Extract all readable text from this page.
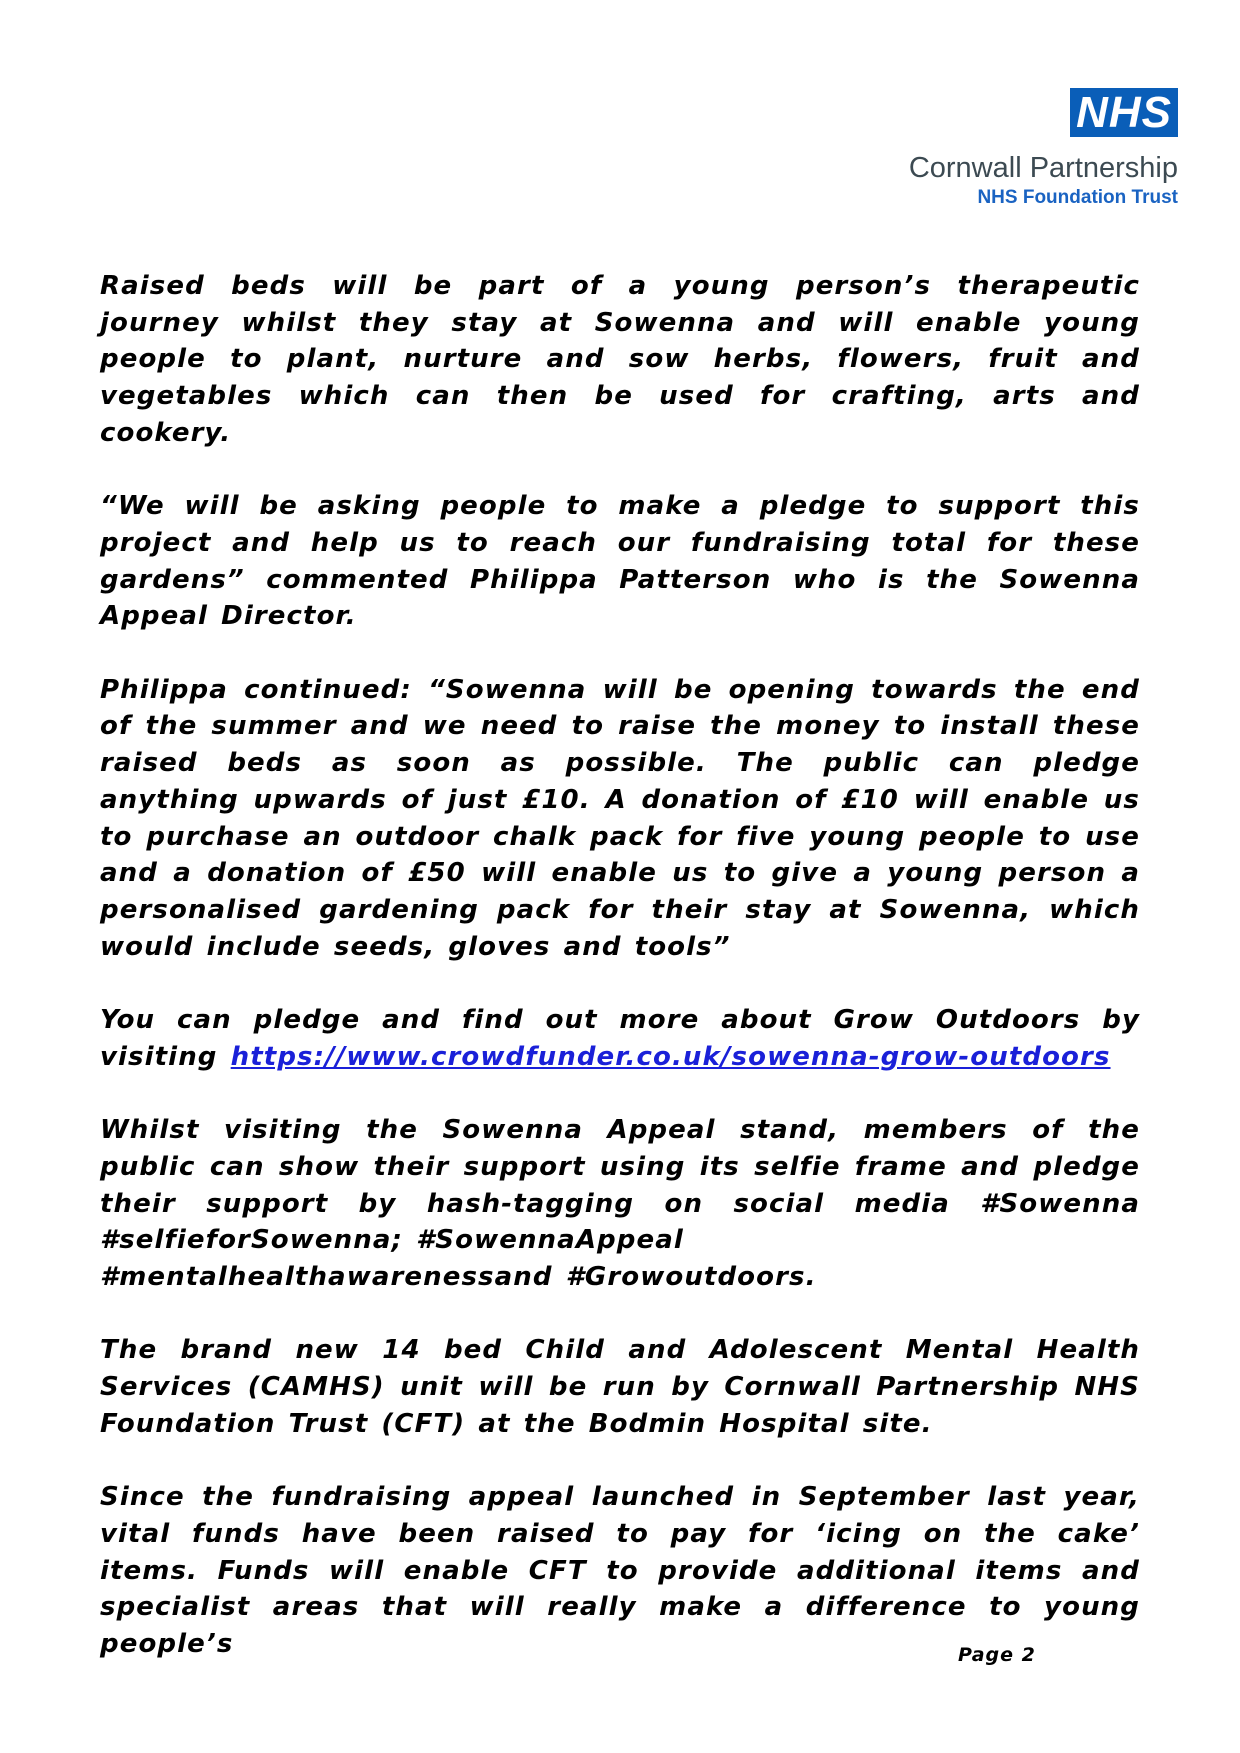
NHS
Cornwall Partnership
NHS Foundation Trust

Raised beds will be part of a young person’s therapeutic journey whilst they stay at Sowenna and will enable young people to plant, nurture and sow herbs, flowers, fruit and vegetables which can then be used for crafting, arts and cookery.

“We will be asking people to make a pledge to support this project and help us to reach our fundraising total for these gardens” commented Philippa Patterson who is the Sowenna Appeal Director.

Philippa continued: “Sowenna will be opening towards the end of the summer and we need to raise the money to install these raised beds as soon as possible. The public can pledge anything upwards of just £10. A donation of £10 will enable us to purchase an outdoor chalk pack for five young people to use and a donation of £50 will enable us to give a young person a personalised gardening pack for their stay at Sowenna, which would include seeds, gloves and tools”

You can pledge and find out more about Grow Outdoors by visiting https://www.crowdfunder.co.uk/sowenna-grow-outdoors

Whilst visiting the Sowenna Appeal stand, members of the public can show their support using its selfie frame and pledge their support by hash-tagging on social media #Sowenna #selfieforSowenna; #SowennaAppeal
#mentalhealthawarenessand #Growoutdoors.

The brand new 14 bed Child and Adolescent Mental Health Services (CAMHS) unit will be run by Cornwall Partnership NHS Foundation Trust (CFT) at the Bodmin Hospital site.

Since the fundraising appeal launched in September last year, vital funds have been raised to pay for ‘icing on the cake’ items. Funds will enable CFT to provide additional items and specialist areas that will really make a difference to young people’s	Page 2
